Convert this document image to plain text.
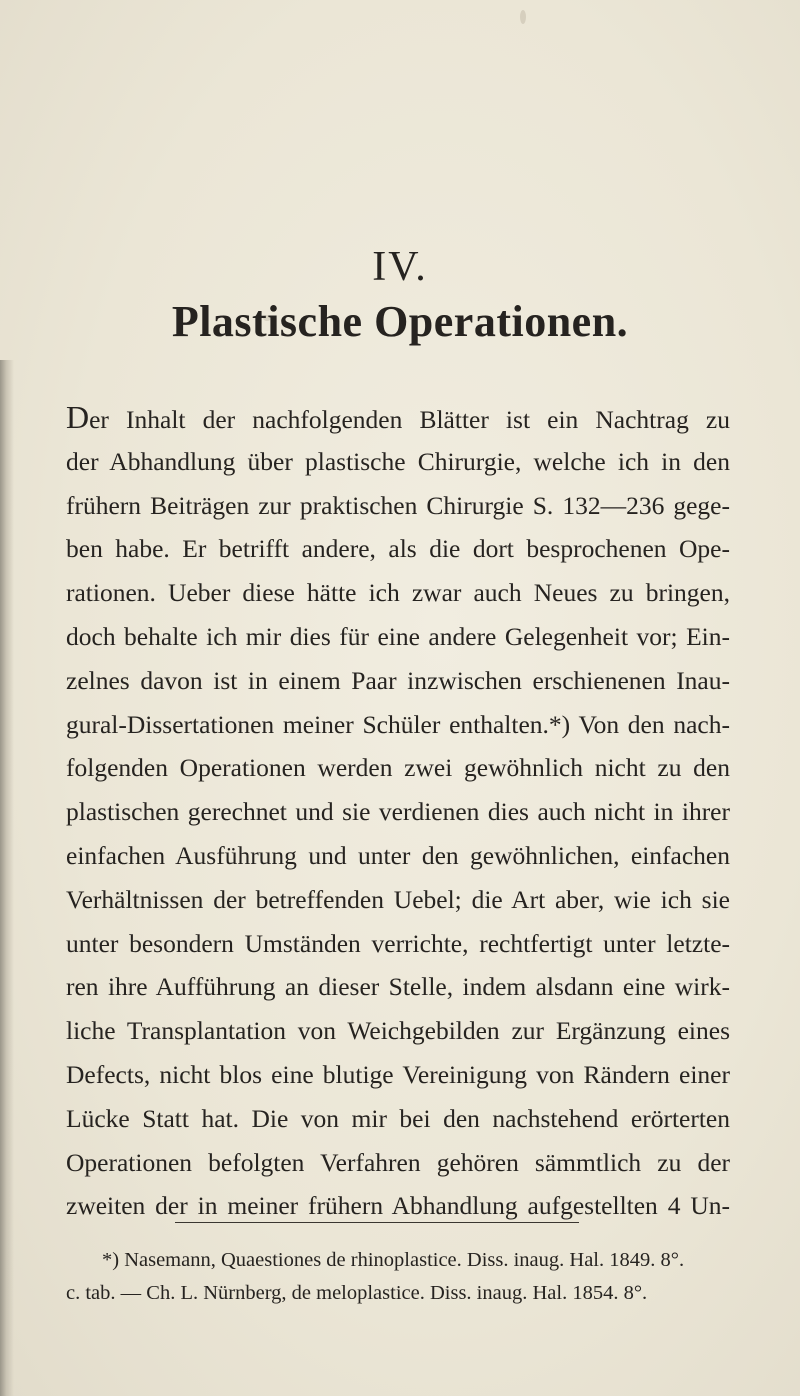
IV.
Plastische Operationen.
Der Inhalt der nachfolgenden Blätter ist ein Nachtrag zu
der Abhandlung über plastische Chirurgie, welche ich in den
frühern Beiträgen zur praktischen Chirurgie S. 132—236 gege-
ben habe. Er betrifft andere, als die dort besprochenen Ope-
rationen. Ueber diese hätte ich zwar auch Neues zu bringen,
doch behalte ich mir dies für eine andere Gelegenheit vor; Ein-
zelnes davon ist in einem Paar inzwischen erschienenen Inau-
gural-Dissertationen meiner Schüler enthalten.*) Von den nach-
folgenden Operationen werden zwei gewöhnlich nicht zu den
plastischen gerechnet und sie verdienen dies auch nicht in ihrer
einfachen Ausführung und unter den gewöhnlichen, einfachen
Verhältnissen der betreffenden Uebel; die Art aber, wie ich sie
unter besondern Umständen verrichte, rechtfertigt unter letzte-
ren ihre Aufführung an dieser Stelle, indem alsdann eine wirk-
liche Transplantation von Weichgebilden zur Ergänzung eines
Defects, nicht blos eine blutige Vereinigung von Rändern einer
Lücke Statt hat. Die von mir bei den nachstehend erörterten
Operationen befolgten Verfahren gehören sämmtlich zu der
zweiten der in meiner frühern Abhandlung aufgestellten 4 Un-
*) Nasemann, Quaestiones de rhinoplastice. Diss. inaug. Hal. 1849. 8°.
c. tab. — Ch. L. Nürnberg, de meloplastice. Diss. inaug. Hal. 1854. 8°.
